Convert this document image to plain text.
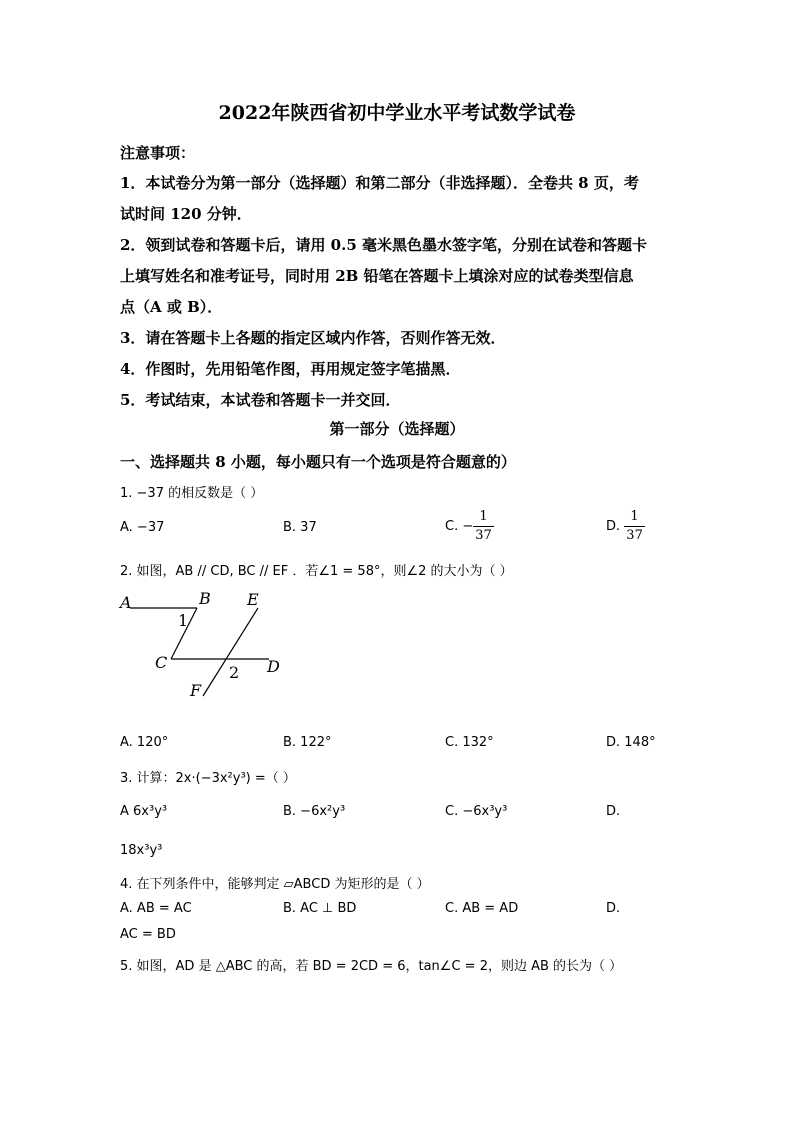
2022年陕西省初中学业水平考试数学试卷
注意事项：
1．本试卷分为第一部分（选择题）和第二部分（非选择题）．全卷共 8 页，考
试时间 120 分钟．
2．领到试卷和答题卡后，请用 0.5 毫米黑色墨水签字笔，分别在试卷和答题卡
上填写姓名和准考证号，同时用 2B 铅笔在答题卡上填涂对应的试卷类型信息
点（A 或 B）．
3．请在答题卡上各题的指定区域内作答，否则作答无效．
4．作图时，先用铅笔作图，再用规定签字笔描黑．
5．考试结束，本试卷和答题卡一并交回．
第一部分（选择题）
一、选择题共 8 小题，每小题只有一个选项是符合题意的）
1. −37 的相反数是（ ）
A. −37	B. 37	C. − $\frac{1}{37}$	D. $\frac{1}{37}$
2. 如图，AB // CD, BC // EF ．若∠1 = 58°，则∠2 的大小为（ ）
A	B
C	D
E
F
1
2
A. 120°	B. 122°	C. 132°	D. 148°
3. 计算：2x·(−3x²y³) =（ ）
A 6x³y³	B. −6x²y³	C. −6x³y³	D.
18x³y³
4. 在下列条件中，能够判定 ▱ABCD 为矩形的是（ ）
A. AB = AC	B. AC ⊥ BD	C. AB = AD	D.
AC = BD
5. 如图，AD 是 △ABC 的高，若 BD = 2CD = 6，tan∠C = 2，则边 AB 的长为（ ）
